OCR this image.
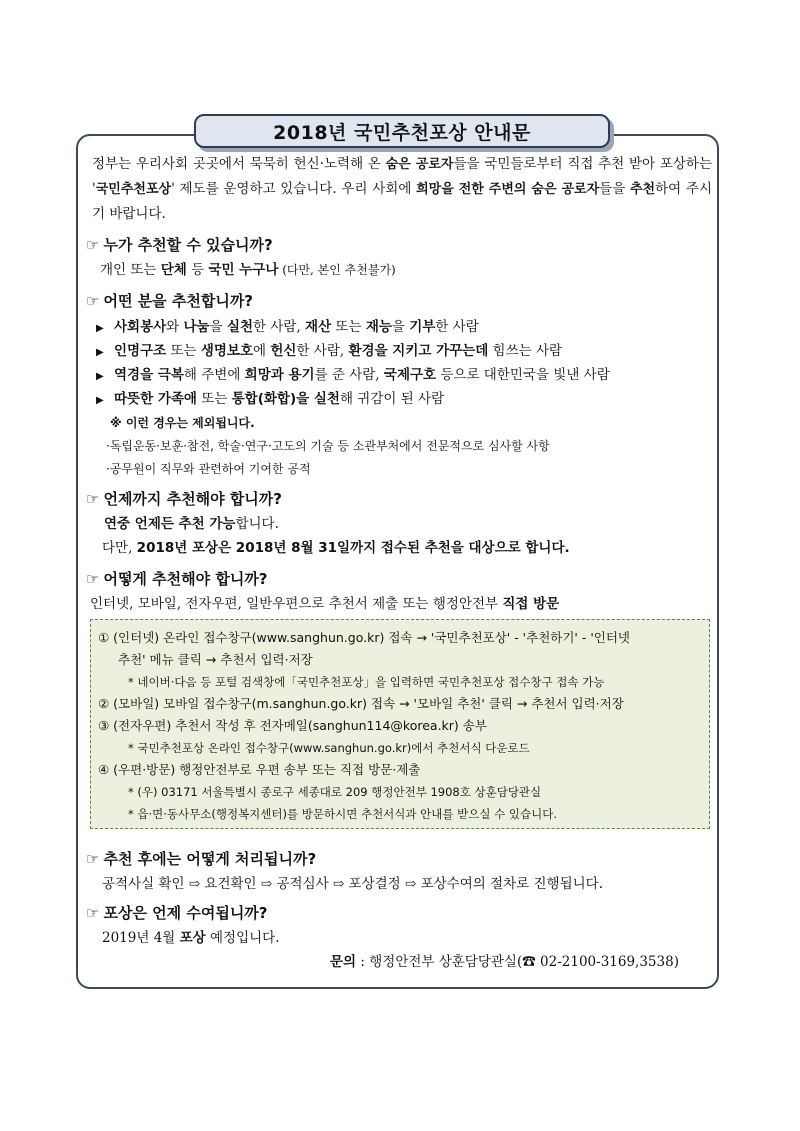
2018년 국민추천포상 안내문
정부는 우리사회 곳곳에서 묵묵히 헌신·노력해 온 숨은 공로자들을 국민들로부터 직접 추천 받아 포상하는 '국민추천포상' 제도를 운영하고 있습니다. 우리 사회에 희망을 전한 주변의 숨은 공로자들을 추천하여 주시기 바랍니다.
☞ 누가 추천할 수 있습니까?
개인 또는 단체 등 국민 누구나 (다만, 본인 추천불가)
☞ 어떤 분을 추천합니까?
▶ 사회봉사와 나눔을 실천한 사람, 재산 또는 재능을 기부한 사람
▶ 인명구조 또는 생명보호에 헌신한 사람, 환경을 지키고 가꾸는데 힘쓰는 사람
▶ 역경을 극복해 주변에 희망과 용기를 준 사람, 국제구호 등으로 대한민국을 빛낸 사람
▶ 따뜻한 가족애 또는 통합(화합)을 실천해 귀감이 된 사람
※ 이런 경우는 제외됩니다.
·독립운동·보훈·참전, 학술·연구·고도의 기술 등 소관부처에서 전문적으로 심사할 사항
·공무원이 직무와 관련하여 기여한 공적
☞ 언제까지 추천해야 합니까?
연중 언제든 추천 가능합니다.
다만, 2018년 포상은 2018년 8월 31일까지 접수된 추천을 대상으로 합니다.
☞ 어떻게 추천해야 합니까?
인터넷, 모바일, 전자우편, 일반우편으로 추천서 제출 또는 행정안전부 직접 방문
① (인터넷) 온라인 접수창구(www.sanghun.go.kr) 접속 → '국민추천포상' - '추천하기' - '인터넷
추천' 메뉴 클릭 → 추천서 입력·저장
* 네이버·다음 등 포털 검색창에「국민추천포상」을 입력하면 국민추천포상 접수창구 접속 가능
② (모바일) 모바일 접수창구(m.sanghun.go.kr) 접속 → '모바일 추천' 클릭 → 추천서 입력·저장
③ (전자우편) 추천서 작성 후 전자메일(sanghun114@korea.kr) 송부
* 국민추천포상 온라인 접수창구(www.sanghun.go.kr)에서 추천서식 다운로드
④ (우편·방문) 행정안전부로 우편 송부 또는 직접 방문·제출
* (우) 03171 서울특별시 종로구 세종대로 209 행정안전부 1908호 상훈담당관실
* 읍·면·동사무소(행정복지센터)를 방문하시면 추천서식과 안내를 받으실 수 있습니다.
☞ 추천 후에는 어떻게 처리됩니까?
공적사실 확인 ⇨ 요건확인 ⇨ 공적심사 ⇨ 포상결정 ⇨ 포상수여의 절차로 진행됩니다.
☞ 포상은 언제 수여됩니까?
2019년 4월 포상 예정입니다.
문의 : 행정안전부 상훈담당관실(☎ 02-2100-3169,3538)
